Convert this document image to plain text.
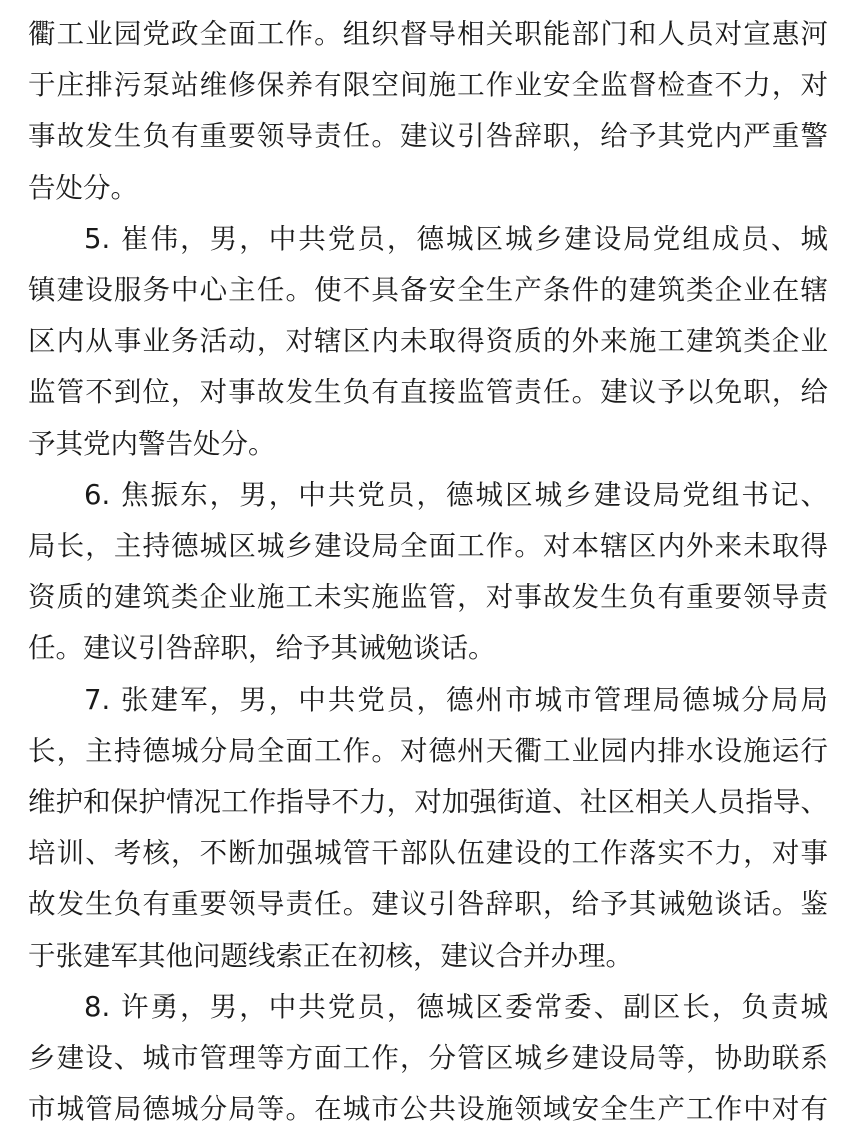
衢工业园党政全面工作。组织督导相关职能部门和人员对宣惠河
于庄排污泵站维修保养有限空间施工作业安全监督检查不力，对
事故发生负有重要领导责任。建议引咎辞职，给予其党内严重警
告处分。
5. 崔伟，男，中共党员，德城区城乡建设局党组成员、城
镇建设服务中心主任。使不具备安全生产条件的建筑类企业在辖
区内从事业务活动，对辖区内未取得资质的外来施工建筑类企业
监管不到位，对事故发生负有直接监管责任。建议予以免职，给
予其党内警告处分。
6. 焦振东，男，中共党员，德城区城乡建设局党组书记、
局长，主持德城区城乡建设局全面工作。对本辖区内外来未取得
资质的建筑类企业施工未实施监管，对事故发生负有重要领导责
任。建议引咎辞职，给予其诫勉谈话。
7. 张建军，男，中共党员，德州市城市管理局德城分局局
长，主持德城分局全面工作。对德州天衢工业园内排水设施运行
维护和保护情况工作指导不力，对加强街道、社区相关人员指导、
培训、考核，不断加强城管干部队伍建设的工作落实不力，对事
故发生负有重要领导责任。建议引咎辞职，给予其诫勉谈话。鉴
于张建军其他问题线索正在初核，建议合并办理。
8. 许勇，男，中共党员，德城区委常委、副区长，负责城
乡建设、城市管理等方面工作，分管区城乡建设局等，协助联系
市城管局德城分局等。在城市公共设施领域安全生产工作中对有
